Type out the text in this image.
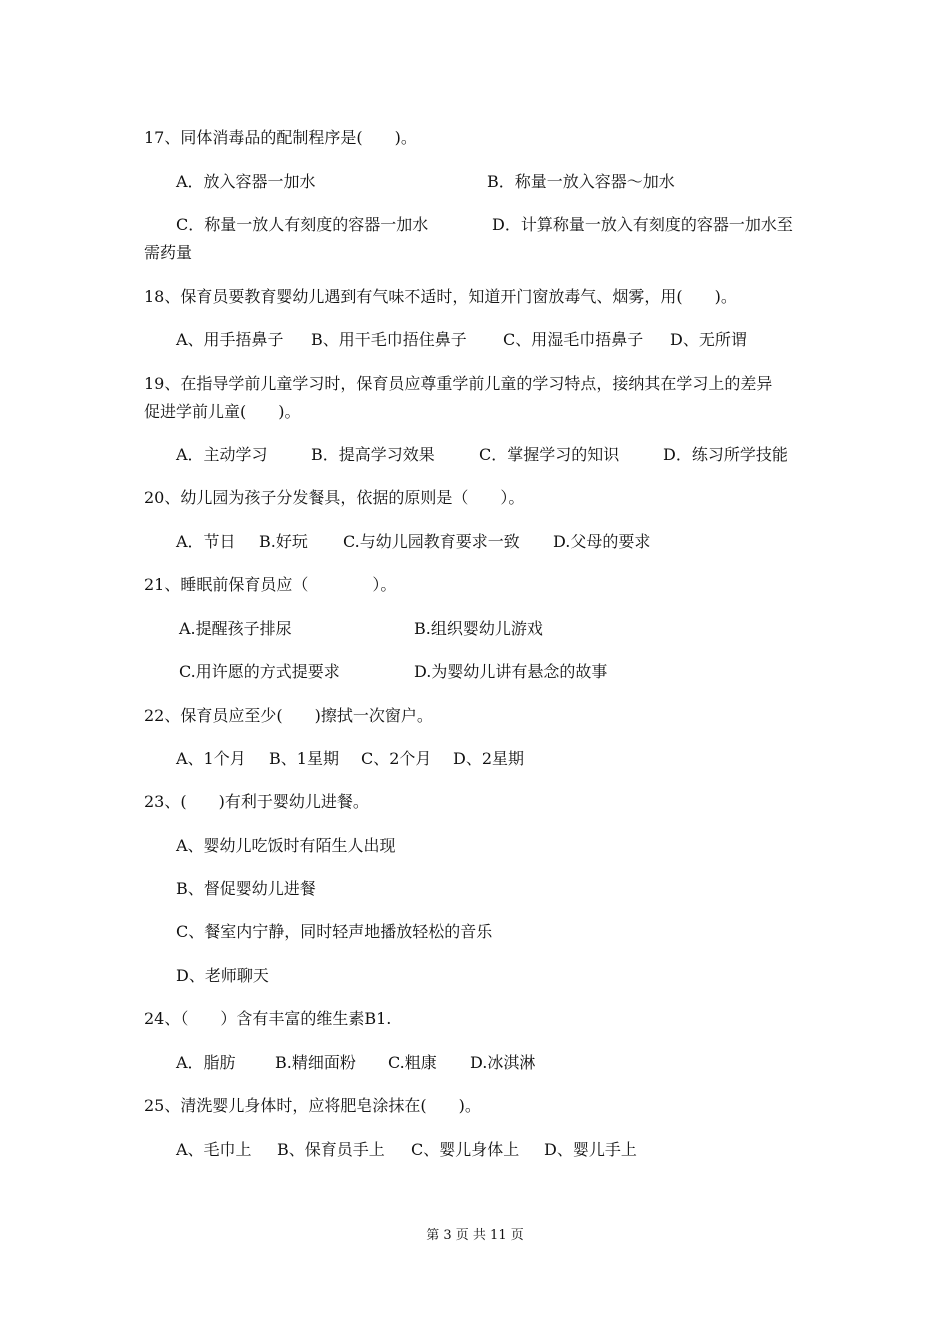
17、同体消毒品的配制程序是(　　)。
A．放入容器一加水	B．称量一放入容器～加水
C．称量一放人有刻度的容器一加水	D．计算称量一放入有刻度的容器一加水至
需药量
18、保育员要教育婴幼儿遇到有气味不适时，知道开门窗放毒气、烟雾，用(　　)。
A、用手捂鼻子 B、用干毛巾捂住鼻子 C、用湿毛巾捂鼻子 D、无所谓
19、在指导学前儿童学习时，保育员应尊重学前儿童的学习特点，接纳其在学习上的差异
促进学前儿童(　　)。
A．主动学习	B．提高学习效果	C．掌握学习的知识	D．练习所学技能
20、幼儿园为孩子分发餐具，依据的原则是（　　）。
A．节日 B.好玩 C.与幼儿园教育要求一致 D.父母的要求
21、睡眠前保育员应（　　　　）。
A.提醒孩子排尿	B.组织婴幼儿游戏
C.用许愿的方式提要求	D.为婴幼儿讲有悬念的故事
22、保育员应至少(　　)擦拭一次窗户。
A、1个月 B、1星期 C、2个月 D、2星期
23、(　　)有利于婴幼儿进餐。
A、婴幼儿吃饭时有陌生人出现
B、督促婴幼儿进餐
C、餐室内宁静，同时轻声地播放轻松的音乐
D、老师聊天
24、（　　）含有丰富的维生素B1.
A．脂肪 B.精细面粉 C.粗康 D.冰淇淋
25、清洗婴儿身体时，应将肥皂涂抹在(　　)。
A、毛巾上 B、保育员手上 C、婴儿身体上 D、婴儿手上
第 3 页 共 11 页
